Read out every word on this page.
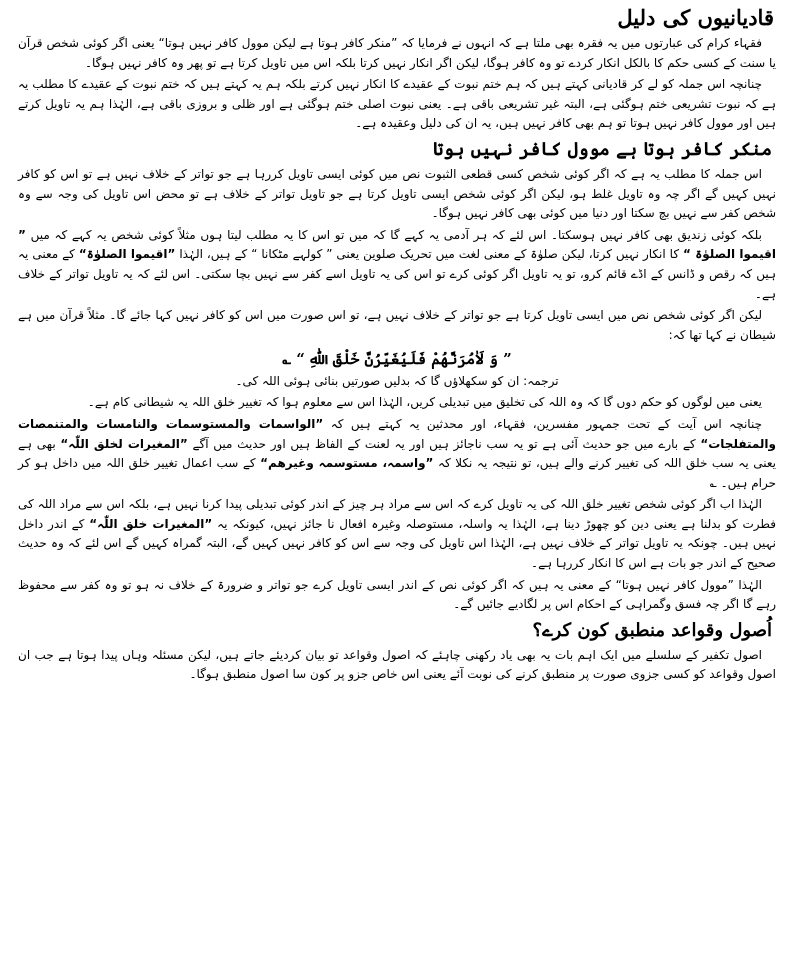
قادیانیوں کی دلیل

فقہاء کرام کی عبارتوں میں یہ فقرہ بھی ملتا ہے کہ انہوں نے فرمایا کہ ”منکر کافر ہوتا ہے لیکن موول کافر نہیں ہوتا“ یعنی اگر کوئی شخص قرآن یا سنت کے کسی حکم کا بالکل انکار کردے تو وہ کافر ہوگا، لیکن اگر انکار نہیں کرتا بلکہ اس میں تاویل کرتا ہے تو پھر وہ کافر نہیں ہوگا۔

چنانچہ اس جملہ کو لے کر قادیانی کہتے ہیں کہ ہم ختم نبوت کے عقیدے کا انکار نہیں کرتے بلکہ ہم یہ کہتے ہیں کہ ختم نبوت کے عقیدے کا مطلب یہ ہے کہ نبوت تشریعی ختم ہوگئی ہے، البتہ غیر تشریعی باقی ہے۔ یعنی نبوت اصلی ختم ہوگئی ہے اور ظلی و بروزی باقی ہے، الہٰذا ہم یہ تاویل کرتے ہیں اور موول کافر نہیں ہوتا تو ہم بھی کافر نہیں ہیں، یہ ان کی دلیل وعقیدہ ہے۔

منکر کافر ہوتا ہے موول کافر نہیں ہوتا

اس جملہ کا مطلب یہ ہے کہ اگر کوئی شخص کسی قطعی الثبوت نص میں کوئی ایسی تاویل کررہا ہے جو تواتر کے خلاف نہیں ہے تو اس کو کافر نہیں کہیں گے اگر چہ وہ تاویل غلط ہو، لیکن اگر کوئی شخص ایسی تاویل کرتا ہے جو تاویل تواتر کے خلاف ہے تو محض اس تاویل کی وجہ سے وہ شخص کفر سے نہیں بچ سکتا اور دنیا میں کوئی بھی کافر نہیں ہوگا۔

بلکہ کوئی زندیق بھی کافر نہیں ہوسکتا۔ اس لئے کہ ہر آدمی یہ کہے گا کہ میں تو اس کا یہ مطلب لیتا ہوں مثلاً کوئی شخص یہ کہے کہ میں ” اقیموا الصلوٰۃ “ کا انکار نہیں کرتا، لیکن صلوٰۃ کے معنی لغت میں تحریک صلوین یعنی ” کولہے مٹکانا “ کے ہیں، الہٰذا ”اقیموا الصلوٰۃ“ کے معنی یہ ہیں کہ رقص و ڈانس کے اڈے قائم کرو، تو یہ تاویل اگر کوئی کرے تو اس کی یہ تاویل اسے کفر سے نہیں بچا سکتی۔ اس لئے کہ یہ تاویل تواتر کے خلاف ہے۔

لیکن اگر کوئی شخص نص میں ایسی تاویل کرتا ہے جو تواتر کے خلاف نہیں ہے، تو اس صورت میں اس کو کافر نہیں کہا جائے گا۔ مثلاً قرآن میں ہے شیطان نے کہا تھا کہ:

” وَ لَاٰمُرَنَّهُمْ فَلَيُغَيِّرُنَّ خَلْقَ اللّٰهِ “ ؎
ترجمہ: ان کو سکھلاؤں گا کہ بدلیں صورتیں بنائی ہوئی اللہ کی۔

یعنی میں لوگوں کو حکم دوں گا کہ وہ اللہ کی تخلیق میں تبدیلی کریں، الہٰذا اس سے معلوم ہوا کہ تغییر خلق اللہ یہ شیطانی کام ہے۔

چنانچہ اس آیت کے تحت جمہور مفسرین، فقہاء، اور محدثین یہ کہتے ہیں کہ ”الواسمات والمستوسمات والنامسات والمتنمصات والمتفلجات“ کے بارے میں جو حدیث آئی ہے تو یہ سب ناجائز ہیں اور یہ لعنت کے الفاظ ہیں اور حدیث میں آگے ”المغیرات لخلق اللّٰہ“ بھی ہے یعنی یہ سب خلق اللہ کی تغییر کرنے والے ہیں، تو نتیجہ یہ نکلا کہ ”واسمہ، مستوسمہ وغیرھم“ کے سب اعمال تغییر خلق اللہ میں داخل ہو کر حرام ہیں۔ ؎

الہٰذا اب اگر کوئی شخص تغییر خلق اللہ کی یہ تاویل کرے کہ اس سے مراد ہر چیز کے اندر کوئی تبدیلی پیدا کرنا نہیں ہے، بلکہ اس سے مراد اللہ کی فطرت کو بدلنا ہے یعنی دین کو چھوڑ دینا ہے، الہٰذا یہ واسلہ، مستوصلہ وغیرہ افعال نا جائز نہیں، کیونکہ یہ ”المغیرات خلق اللّٰہ“ کے اندر داخل نہیں ہیں۔ چونکہ یہ تاویل تواتر کے خلاف نہیں ہے، الہٰذا اس تاویل کی وجہ سے اس کو کافر نہیں کہیں گے، البتہ گمراہ کہیں گے اس لئے کہ وہ حدیث صحیح کے اندر جو بات ہے اس کا انکار کررہا ہے۔

الہٰذا ”موول کافر نہیں ہوتا“ کے معنی یہ ہیں کہ اگر کوئی نص کے اندر ایسی تاویل کرے جو تواتر و ضرورۃ کے خلاف نہ ہو تو وہ کفر سے محفوظ رہے گا اگر چہ فسق وگمراہی کے احکام اس پر لگادیے جائیں گے۔

اُصول وقواعد منطبق کون کرے؟

اصول تکفیر کے سلسلے میں ایک اہم بات یہ بھی یاد رکھنی چاہئے کہ اصول وقواعد تو بیان کردیئے جاتے ہیں، لیکن مسئلہ وہاں پیدا ہوتا ہے جب ان اصول وقواعد کو کسی جزوی صورت پر منطبق کرنے کی نوبت آئے یعنی اس خاص جزو پر کون سا اصول منطبق ہوگا۔
